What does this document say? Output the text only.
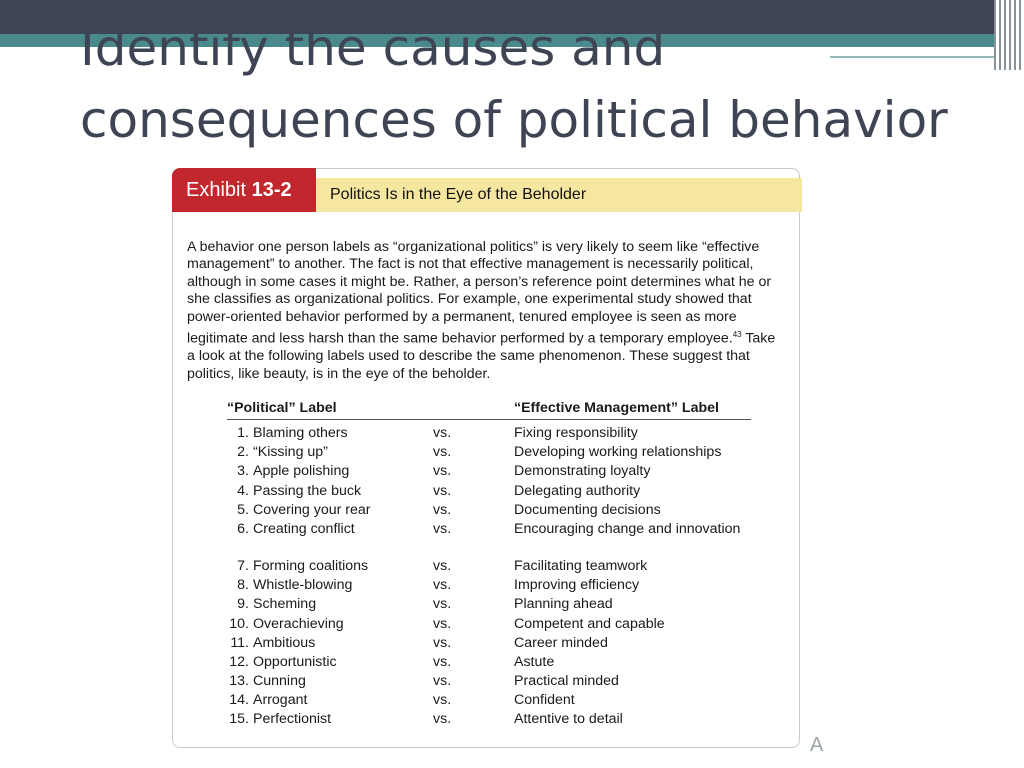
Identify the causes and
consequences of political behavior
Exhibit 13-2	Politics Is in the Eye of the Beholder

A behavior one person labels as “organizational politics” is very likely to seem like “effective management” to another. The fact is not that effective management is necessarily political, although in some cases it might be. Rather, a person’s reference point determines what he or she classifies as organizational politics. For example, one experimental study showed that power-oriented behavior performed by a permanent, tenured employee is seen as more legitimate and less harsh than the same behavior performed by a temporary employee.$^{43}$ Take a look at the following labels used to describe the same phenomenon. These suggest that politics, like beauty, is in the eye of the beholder.

“Political” Label	“Effective Management” Label
1. Blaming others	vs.	Fixing responsibility
2. “Kissing up”	vs.	Developing working relationships
3. Apple polishing	vs.	Demonstrating loyalty
4. Passing the buck	vs.	Delegating authority
5. Covering your rear	vs.	Documenting decisions
6. Creating conflict	vs.	Encouraging change and innovation
7. Forming coalitions	vs.	Facilitating teamwork
8. Whistle-blowing	vs.	Improving efficiency
9. Scheming	vs.	Planning ahead
10. Overachieving	vs.	Competent and capable
11. Ambitious	vs.	Career minded
12. Opportunistic	vs.	Astute
13. Cunning	vs.	Practical minded
14. Arrogant	vs.	Confident
15. Perfectionist	vs.	Attentive to detail
A
